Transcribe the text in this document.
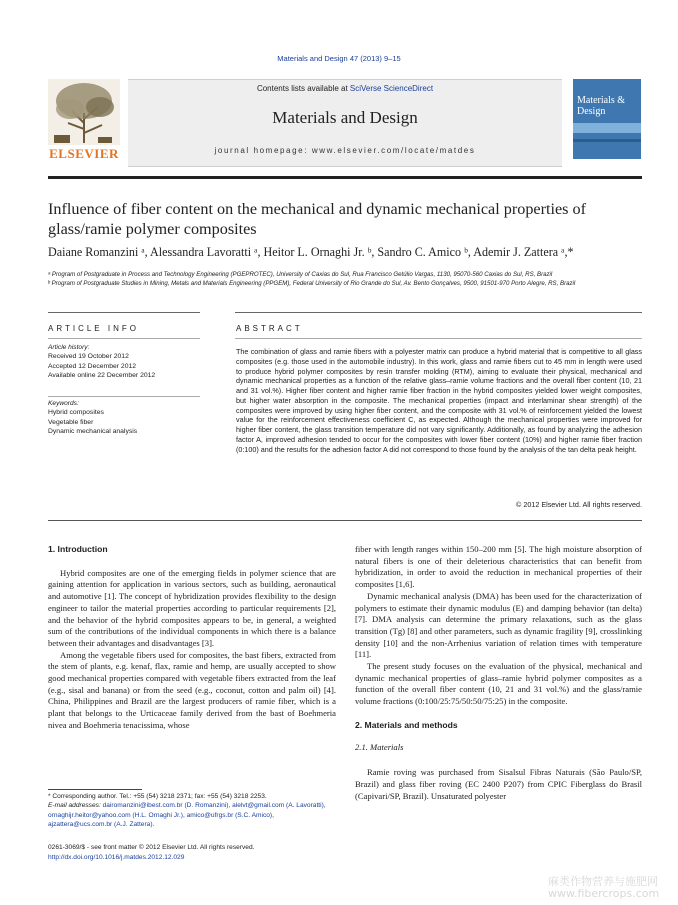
Materials and Design 47 (2013) 9–15
ELSEVIER
Contents lists available at SciVerse ScienceDirect
Materials and Design
journal homepage: www.elsevier.com/locate/matdes
Materials & Design
Influence of fiber content on the mechanical and dynamic mechanical properties of glass/ramie polymer composites
Daiane Romanzini ᵃ, Alessandra Lavoratti ᵃ, Heitor L. Ornaghi Jr. ᵇ, Sandro C. Amico ᵇ, Ademir J. Zattera ᵃ,*
ᵃ Program of Postgraduate in Process and Technology Engineering (PGEPROTEC), University of Caxias do Sul, Rua Francisco Getúlio Vargas, 1130, 95070-560 Caxias do Sul, RS, Brazil
ᵇ Program of Postgraduate Studies in Mining, Metals and Materials Engineering (PPGEM), Federal University of Rio Grande do Sul, Av. Bento Gonçalves, 9500, 91501-970 Porto Alegre, RS, Brazil
ARTICLE INFO
Article history:
Received 19 October 2012
Accepted 12 December 2012
Available online 22 December 2012
Keywords:
Hybrid composites
Vegetable fiber
Dynamic mechanical analysis
ABSTRACT
The combination of glass and ramie fibers with a polyester matrix can produce a hybrid material that is competitive to all glass composites (e.g. those used in the automobile industry). In this work, glass and ramie fibers cut to 45 mm in length were used to produce hybrid polymer composites by resin transfer molding (RTM), aiming to evaluate their physical, mechanical and dynamic mechanical properties as a function of the relative glass–ramie volume fractions and the overall fiber content (10, 21 and 31 vol.%). Higher fiber content and higher ramie fiber fraction in the hybrid composites yielded lower weight composites, but higher water absorption in the composite. The mechanical properties (impact and interlaminar shear strength) of the composites were improved by using higher fiber content, and the composite with 31 vol.% of reinforcement yielded the lowest value for the reinforcement effectiveness coefficient C, as expected. Although the mechanical properties were improved for higher fiber content, the glass transition temperature did not vary significantly. Additionally, as found by analyzing the adhesion factor A, improved adhesion tended to occur for the composites with lower fiber content (10%) and higher ramie fiber fraction (0:100) and the results for the adhesion factor A did not correspond to those found by the analysis of the tan delta peak height.
© 2012 Elsevier Ltd. All rights reserved.
1. Introduction

Hybrid composites are one of the emerging fields in polymer science that are gaining attention for application in various sectors, such as building, aeronautical and automotive [1]. The concept of hybridization provides flexibility to the design engineer to tailor the material properties according to particular requirements [2], and the behavior of the hybrid composites appears to be, in general, a weighted sum of the contributions of the individual components in which there is a balance between their advantages and disadvantages [3].

Among the vegetable fibers used for composites, the bast fibers, extracted from the stem of plants, e.g. kenaf, flax, ramie and hemp, are usually accepted to show good mechanical properties compared with vegetable fibers extracted from the leaf (e.g., sisal and banana) or from the seed (e.g., coconut, cotton and palm oil) [4]. China, Philippines and Brazil are the largest producers of ramie fiber, which is a plant that belongs to the Urticaceae family derived from the bast of Boehmeria nivea and Boehmeria tenacissima, whose

fiber with length ranges within 150–200 mm [5]. The high moisture absorption of natural fibers is one of their deleterious characteristics that can benefit from hybridization, in order to avoid the reduction in mechanical properties of their composites [1,6].

Dynamic mechanical analysis (DMA) has been used for the characterization of polymers to estimate their dynamic modulus (E) and damping behavior (tan delta) [7]. DMA analysis can determine the primary relaxations, such as the glass transition (Tg) [8] and other parameters, such as dynamic fragility [9], crosslinking density [10] and the non-Arrhenius variation of relation times with temperature [11].

The present study focuses on the evaluation of the physical, mechanical and dynamic mechanical properties of glass–ramie hybrid polymer composites as a function of the overall fiber content (10, 21 and 31 vol.%) and the glass/ramie volume fractions (0:100/25:75/50:50/75:25) in the composite.

2. Materials and methods
2.1. Materials

Ramie roving was purchased from Sisalsul Fibras Naturais (São Paulo/SP, Brazil) and glass fiber roving (EC 2400 P207) from CPIC Fiberglass do Brasil (Capivari/SP, Brazil). Unsaturated polyester

* Corresponding author. Tel.: +55 (54) 3218 2371; fax: +55 (54) 3218 2253.
E-mail addresses: dairomanzini@ibest.com.br (D. Romanzini), alelvt@gmail.com (A. Lavoratti), ornaghijr.heitor@yahoo.com (H.L. Ornaghi Jr.), amico@ufrgs.br (S.C. Amico), ajzattera@ucs.com.br (A.J. Zattera).
0261-3069/$ - see front matter © 2012 Elsevier Ltd. All rights reserved.
http://dx.doi.org/10.1016/j.matdes.2012.12.029
麻类作物营养与施肥网
www.fibercrops.com
